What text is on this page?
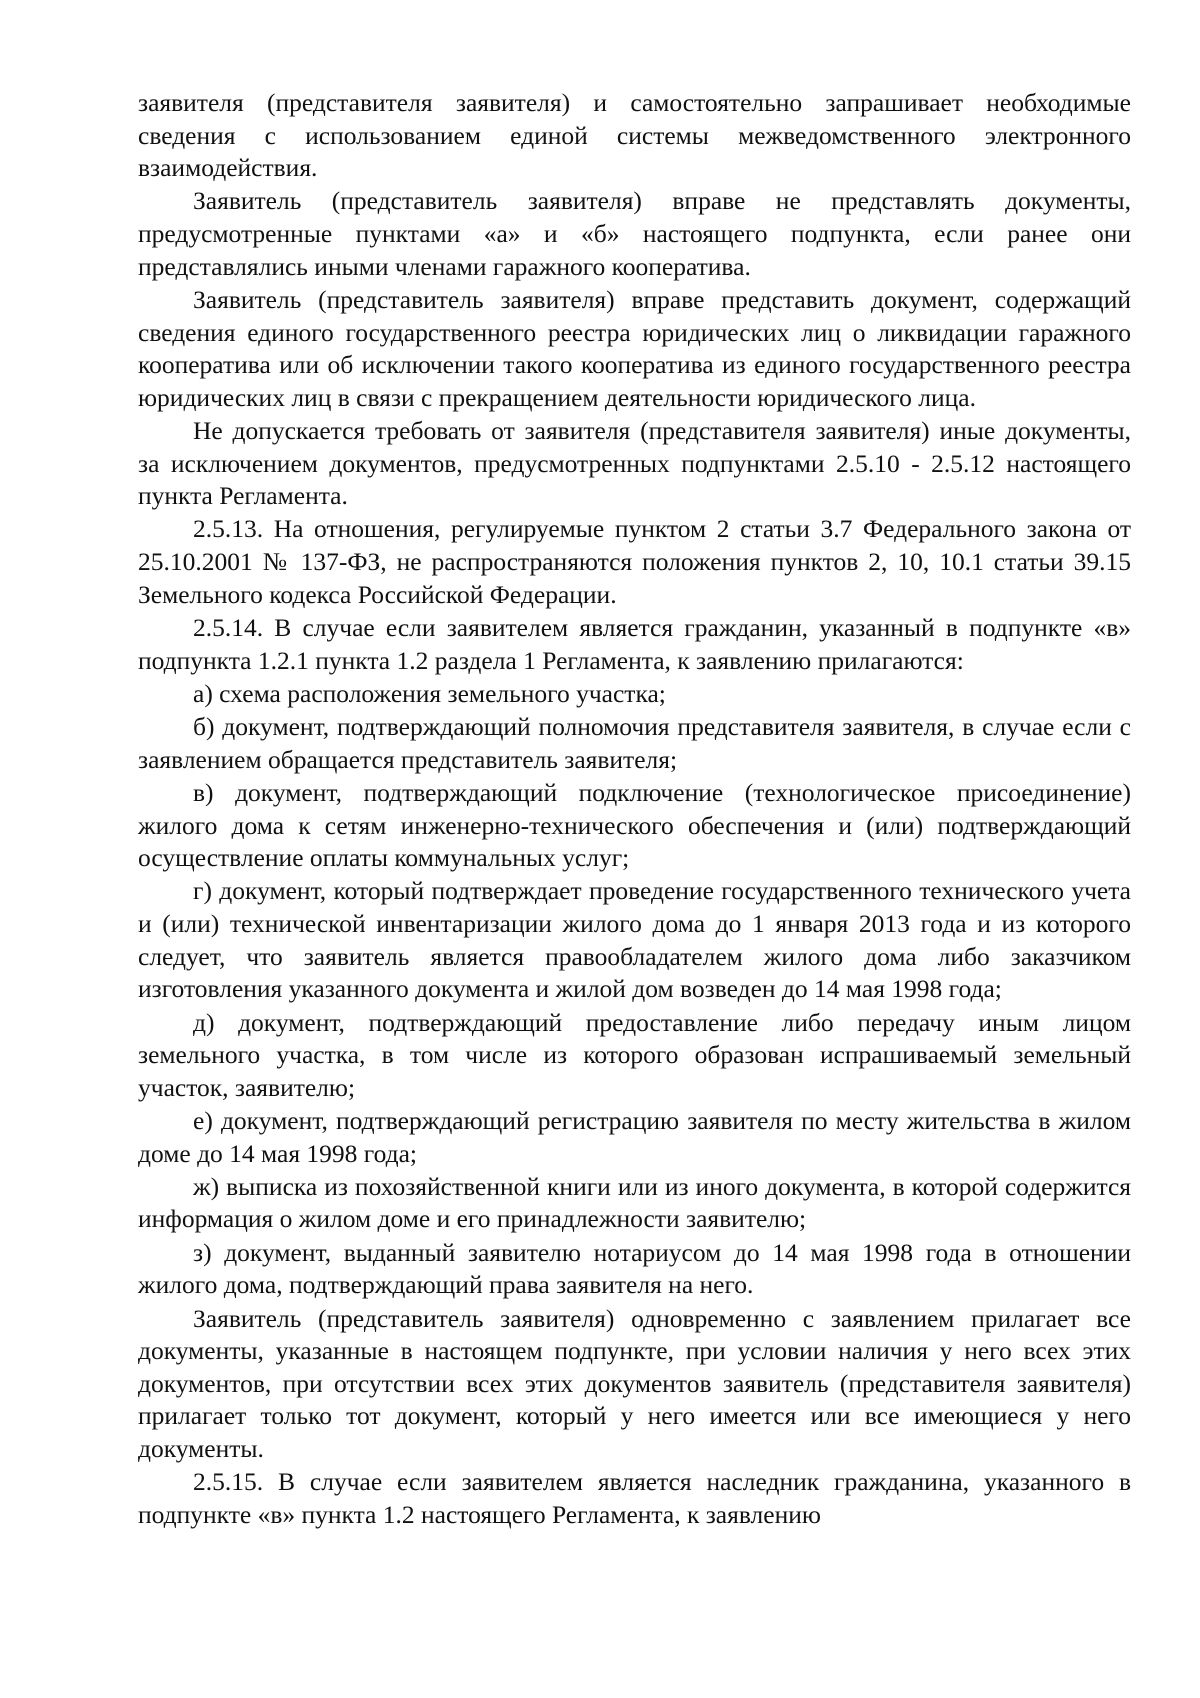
заявителя (представителя заявителя) и самостоятельно запрашивает необходимые сведения с использованием единой системы межведомственного электронного взаимодействия.

Заявитель (представитель заявителя) вправе не представлять документы, предусмотренные пунктами «а» и «б» настоящего подпункта, если ранее они представлялись иными членами гаражного кооператива.

Заявитель (представитель заявителя) вправе представить документ, содержащий сведения единого государственного реестра юридических лиц о ликвидации гаражного кооператива или об исключении такого кооператива из единого государственного реестра юридических лиц в связи с прекращением деятельности юридического лица.

Не допускается требовать от заявителя (представителя заявителя) иные документы, за исключением документов, предусмотренных подпунктами 2.5.10 - 2.5.12 настоящего пункта Регламента.

2.5.13. На отношения, регулируемые пунктом 2 статьи 3.7 Федерального закона от 25.10.2001 № 137-ФЗ, не распространяются положения пунктов 2, 10, 10.1 статьи 39.15 Земельного кодекса Российской Федерации.

2.5.14. В случае если заявителем является гражданин, указанный в подпункте «в» подпункта 1.2.1 пункта 1.2 раздела 1 Регламента, к заявлению прилагаются:

а) схема расположения земельного участка;

б) документ, подтверждающий полномочия представителя заявителя, в случае если с заявлением обращается представитель заявителя;

в) документ, подтверждающий подключение (технологическое присоединение) жилого дома к сетям инженерно-технического обеспечения и (или) подтверждающий осуществление оплаты коммунальных услуг;

г) документ, который подтверждает проведение государственного технического учета и (или) технической инвентаризации жилого дома до 1 января 2013 года и из которого следует, что заявитель является правообладателем жилого дома либо заказчиком изготовления указанного документа и жилой дом возведен до 14 мая 1998 года;

д) документ, подтверждающий предоставление либо передачу иным лицом земельного участка, в том числе из которого образован испрашиваемый земельный участок, заявителю;

е) документ, подтверждающий регистрацию заявителя по месту жительства в жилом доме до 14 мая 1998 года;

ж) выписка из похозяйственной книги или из иного документа, в которой содержится информация о жилом доме и его принадлежности заявителю;

з) документ, выданный заявителю нотариусом до 14 мая 1998 года в отношении жилого дома, подтверждающий права заявителя на него.

Заявитель (представитель заявителя) одновременно с заявлением прилагает все документы, указанные в настоящем подпункте, при условии наличия у него всех этих документов, при отсутствии всех этих документов заявитель (представителя заявителя) прилагает только тот документ, который у него имеется или все имеющиеся у него документы.

2.5.15. В случае если заявителем является наследник гражданина, указанного в подпункте «в» пункта 1.2 настоящего Регламента, к заявлению
